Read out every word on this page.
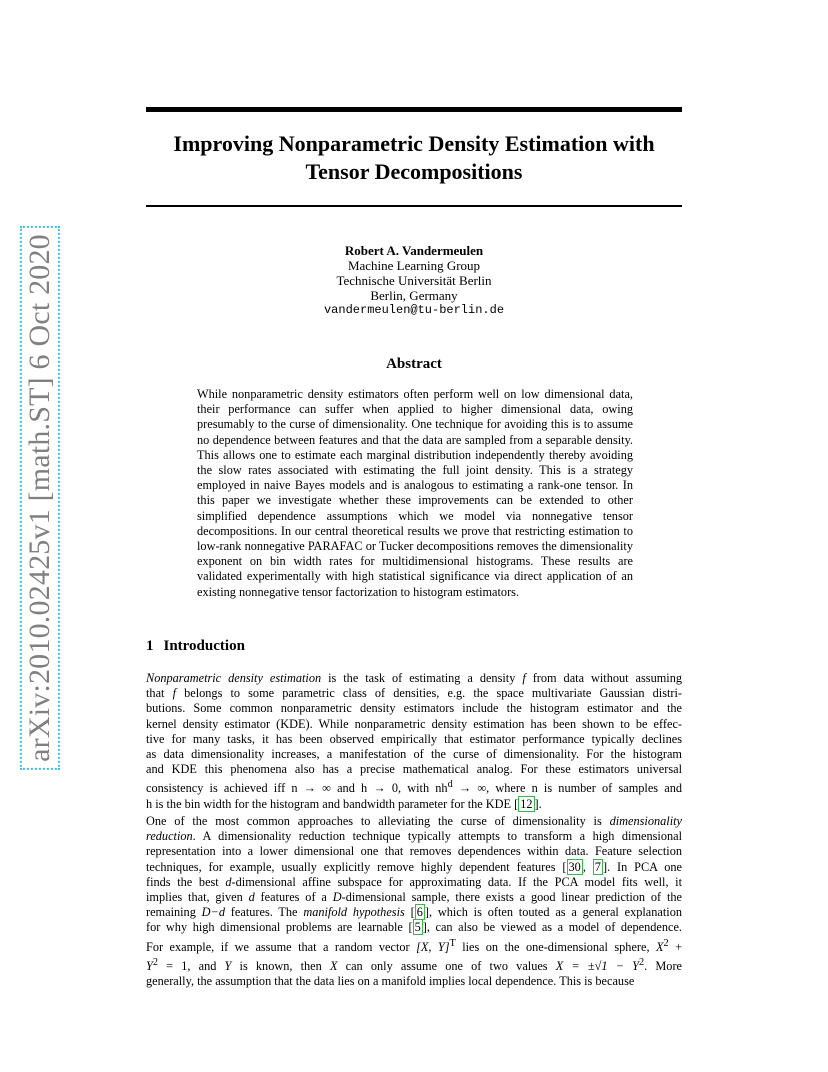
arXiv:2010.02425v1 [math.ST] 6 Oct 2020
Improving Nonparametric Density Estimation with
Tensor Decompositions
Robert A. Vandermeulen
Machine Learning Group
Technische Universität Berlin
Berlin, Germany
vandermeulen@tu-berlin.de
Abstract
While nonparametric density estimators often perform well on low dimensional data, their performance can suffer when applied to higher dimensional data, owing presumably to the curse of dimensionality. One technique for avoiding this is to assume no dependence between features and that the data are sampled from a separable density. This allows one to estimate each marginal distribution independently thereby avoiding the slow rates associated with estimating the full joint density. This is a strategy employed in naive Bayes models and is analogous to estimating a rank-one tensor. In this paper we investigate whether these improvements can be extended to other simplified dependence assumptions which we model via nonnegative tensor decompositions. In our central theoretical results we prove that restricting estimation to low-rank nonnegative PARAFAC or Tucker decompositions removes the dimensionality exponent on bin width rates for multidimensional histograms. These results are validated experimentally with high statistical significance via direct application of an existing nonnegative tensor factorization to histogram estimators.
1 Introduction
Nonparametric density estimation is the task of estimating a density f from data without assuming
that f belongs to some parametric class of densities, e.g. the space multivariate Gaussian distri-
butions. Some common nonparametric density estimators include the histogram estimator and the
kernel density estimator (KDE). While nonparametric density estimation has been shown to be effec-
tive for many tasks, it has been observed empirically that estimator performance typically declines
as data dimensionality increases, a manifestation of the curse of dimensionality. For the histogram
and KDE this phenomena also has a precise mathematical analog. For these estimators universal
consistency is achieved iff n → ∞ and h → 0, with $nh^d$ → ∞, where n is number of samples and
h is the bin width for the histogram and bandwidth parameter for the KDE [ 12 ].
One of the most common approaches to alleviating the curse of dimensionality is dimensionality
reduction. A dimensionality reduction technique typically attempts to transform a high dimensional
representation into a lower dimensional one that removes dependences within data. Feature selection
techniques, for example, usually explicitly remove highly dependent features [ 30 , 7 ]. In PCA one
finds the best d-dimensional affine subspace for approximating data. If the PCA model fits well, it
implies that, given d features of a D-dimensional sample, there exists a good linear prediction of the
remaining D−d features. The manifold hypothesis [ 6 ], which is often touted as a general explanation
for why high dimensional problems are learnable [ 5 ], can also be viewed as a model of dependence.
For example, if we assume that a random vector [X, Y]$^T$ lies on the one-dimensional sphere, $X^2$ +
$Y^2 = 1$, and Y is known, then X can only assume one of two values $X = \pm√1 - Y^2$. More
generally, the assumption that the data lies on a manifold implies local dependence. This is because
